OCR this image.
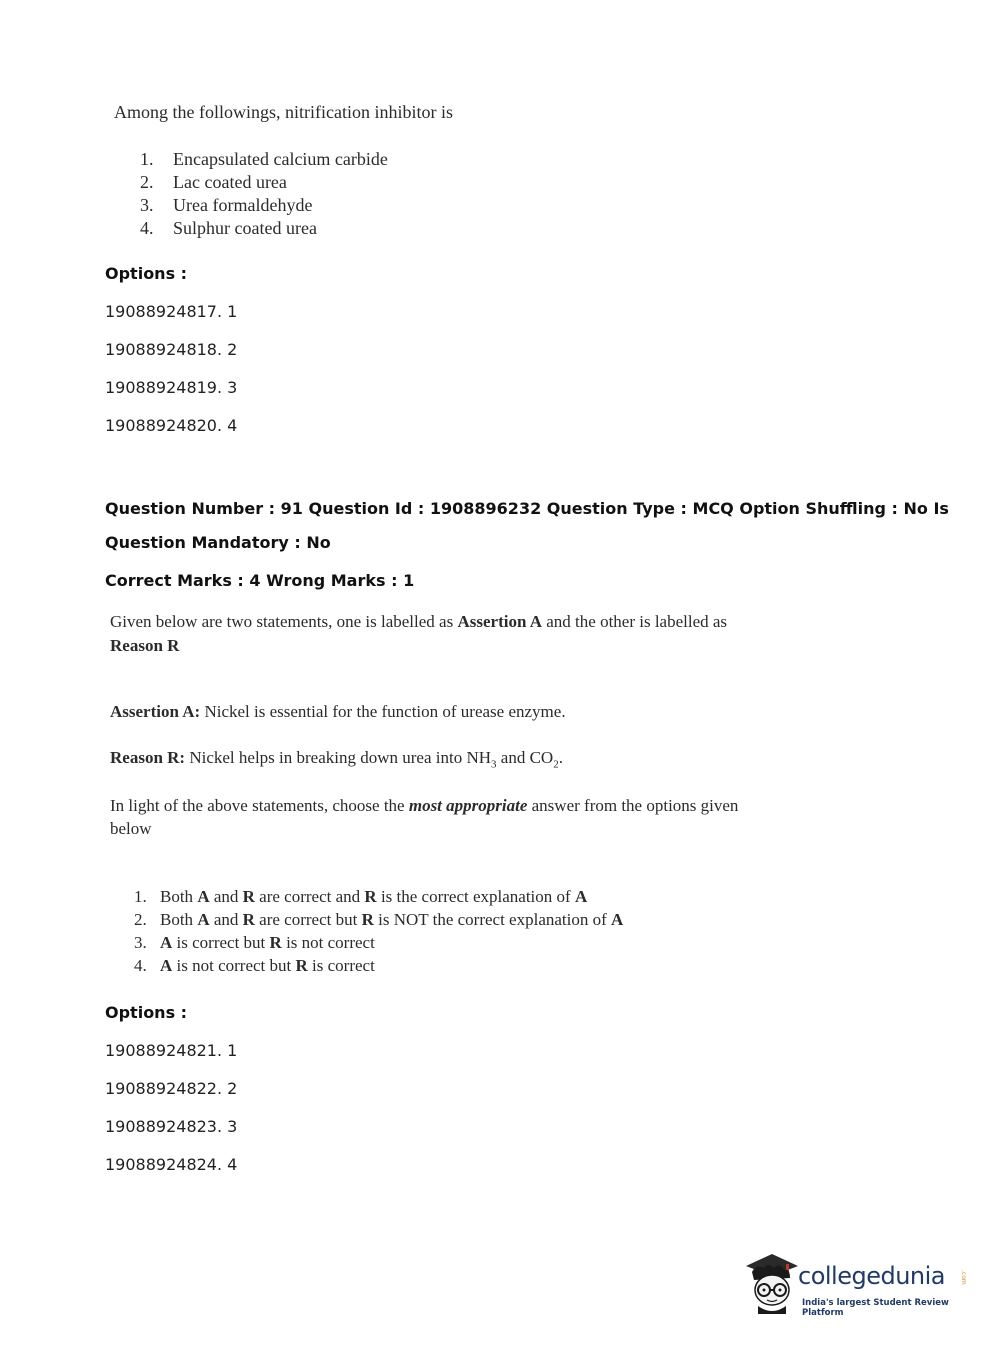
Among the followings, nitrification inhibitor is
1.	Encapsulated calcium carbide
2.	Lac coated urea
3.	Urea formaldehyde
4.	Sulphur coated urea
Options :
19088924817. 1
19088924818. 2
19088924819. 3
19088924820. 4
Question Number : 91 Question Id : 1908896232 Question Type : MCQ Option Shuffling : No Is
Question Mandatory : No
Correct Marks : 4 Wrong Marks : 1
Given below are two statements, one is labelled as Assertion A and the other is labelled as
Reason R
Assertion A: Nickel is essential for the function of urease enzyme.
Reason R: Nickel helps in breaking down urea into $NH_3$ and $CO_2$.
In light of the above statements, choose the most appropriate answer from the options given
below
1. Both A and R are correct and R is the correct explanation of A
2. Both A and R are correct but R is NOT the correct explanation of A
3. A is correct but R is not correct
4. A is not correct but R is correct
Options :
19088924821. 1
19088924822. 2
19088924823. 3
19088924824. 4
collegedunia .com
India's largest Student Review Platform
